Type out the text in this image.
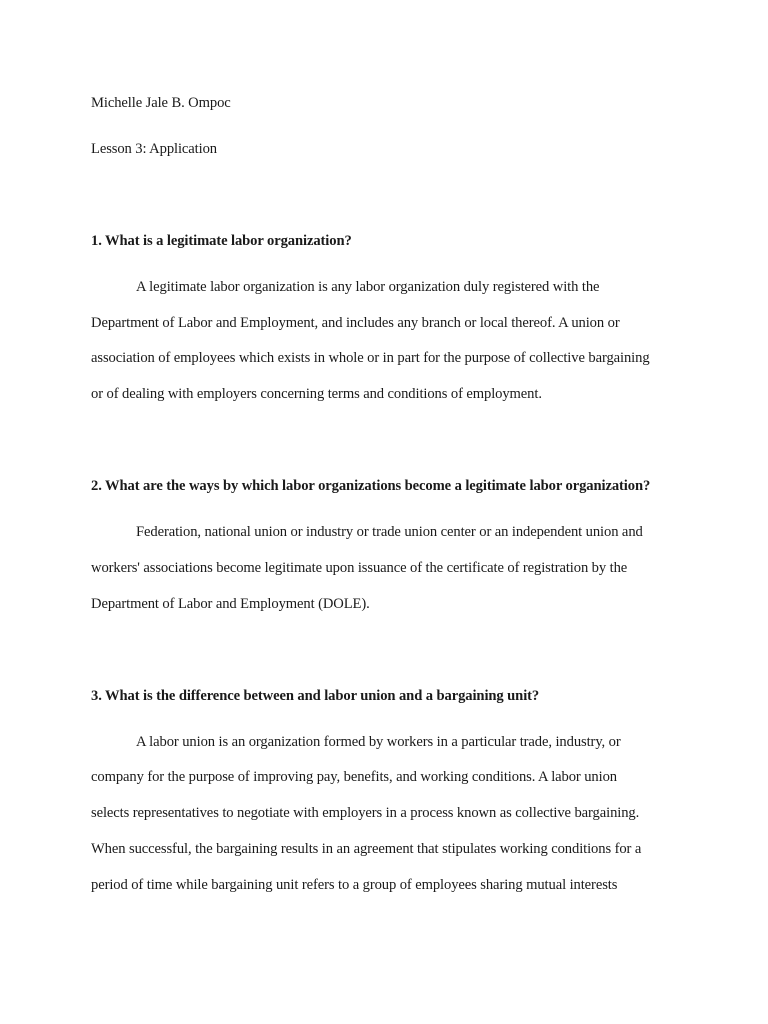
Michelle Jale B. Ompoc
Lesson 3: Application
1. What is a legitimate labor organization?
A legitimate labor organization is any labor organization duly registered with the
Department of Labor and Employment, and includes any branch or local thereof. A union or
association of employees which exists in whole or in part for the purpose of collective bargaining
or of dealing with employers concerning terms and conditions of employment.
2. What are the ways by which labor organizations become a legitimate labor organization?
Federation, national union or industry or trade union center or an independent union and
workers' associations become legitimate upon issuance of the certificate of registration by the
Department of Labor and Employment (DOLE).
3. What is the difference between and labor union and a bargaining unit?
A labor union is an organization formed by workers in a particular trade, industry, or
company for the purpose of improving pay, benefits, and working conditions. A labor union
selects representatives to negotiate with employers in a process known as collective bargaining.
When successful, the bargaining results in an agreement that stipulates working conditions for a
period of time while bargaining unit refers to a group of employees sharing mutual interests
